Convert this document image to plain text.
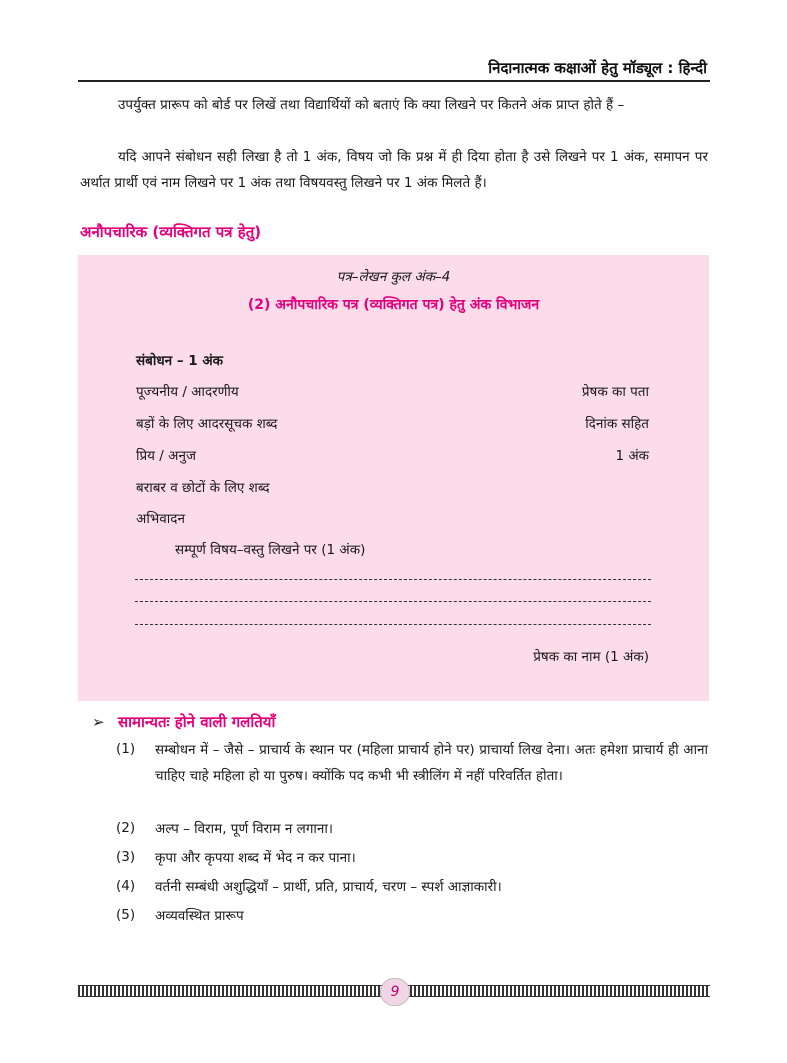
निदानात्मक कक्षाओं हेतु मॉड्यूल : हिन्दी

उपर्युक्त प्रारूप को बोर्ड पर लिखें तथा विद्यार्थियों को बताएं कि क्या लिखने पर कितने अंक प्राप्त होते हैं –

यदि आपने संबोधन सही लिखा है तो 1 अंक, विषय जो कि प्रश्न में ही दिया होता है उसे लिखने पर 1 अंक, समापन पर अर्थात प्रार्थी एवं नाम लिखने पर 1 अंक तथा विषयवस्तु लिखने पर 1 अंक मिलते हैं।

अनौपचारिक (व्यक्तिगत पत्र हेतु)
पत्र–लेखन कुल अंक–4
(2) अनौपचारिक पत्र (व्यक्तिगत पत्र) हेतु अंक विभाजन
संबोधन – 1 अंक
पूज्यनीय / आदरणीय
बड़ों के लिए आदरसूचक शब्द
प्रिय / अनुज
बराबर व छोटों के लिए शब्द
अभिवादन
प्रेषक का पता
दिनांक सहित
1 अंक
सम्पूर्ण विषय–वस्तु लिखने पर (1 अंक)
प्रेषक का नाम (1 अंक)
➢ सामान्यतः होने वाली गलतियाँ
(1) सम्बोधन में – जैसे – प्राचार्य के स्थान पर (महिला प्राचार्य होने पर) प्राचार्या लिख देना। अतः हमेशा प्राचार्य ही आना चाहिए चाहे महिला हो या पुरुष। क्योंकि पद कभी भी स्त्रीलिंग में नहीं परिवर्तित होता।
(2) अल्प – विराम, पूर्ण विराम न लगाना।
(3) कृपा और कृपया शब्द में भेद न कर पाना।
(4) वर्तनी सम्बंधी अशुद्धियाँ – प्रार्थी, प्रति, प्राचार्य, चरण – स्पर्श आज्ञाकारी।
(5) अव्यवस्थित प्रारूप
9
